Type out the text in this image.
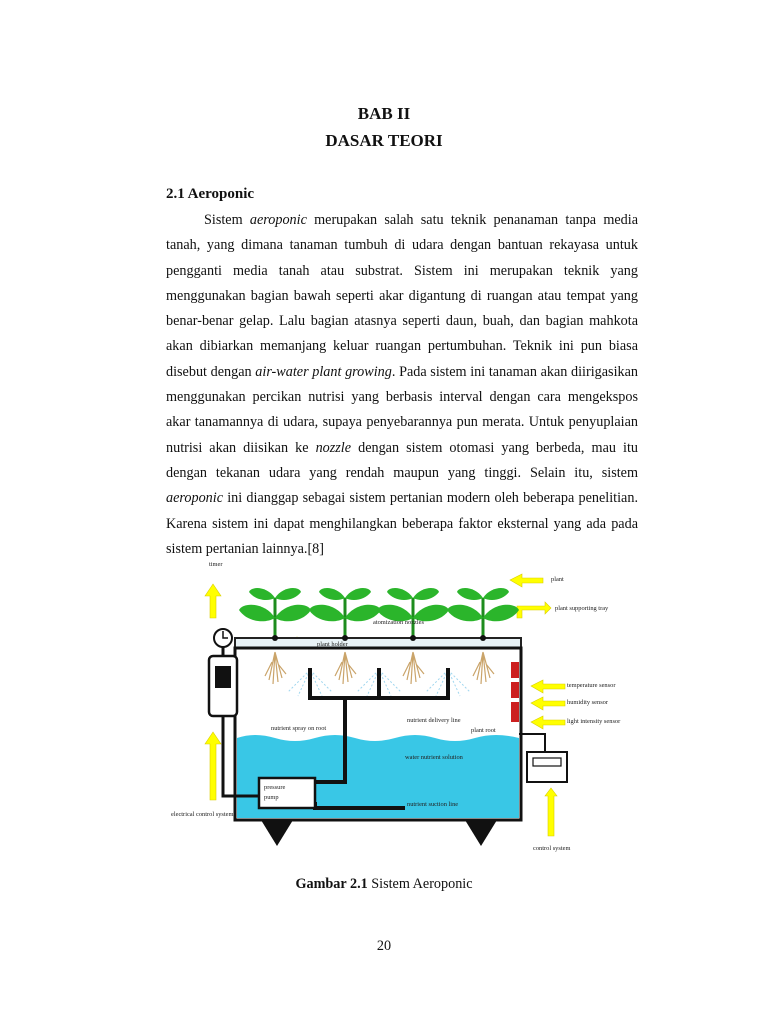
BAB II
DASAR TEORI
2.1 Aeroponic

Sistem aeroponic merupakan salah satu teknik penanaman tanpa media tanah, yang dimana tanaman tumbuh di udara dengan bantuan rekayasa untuk pengganti media tanah atau substrat. Sistem ini merupakan teknik yang menggunakan bagian bawah seperti akar digantung di ruangan atau tempat yang benar-benar gelap. Lalu bagian atasnya seperti daun, buah, dan bagian mahkota akan dibiarkan memanjang keluar ruangan pertumbuhan. Teknik ini pun biasa disebut dengan air-water plant growing. Pada sistem ini tanaman akan diirigasikan menggunakan percikan nutrisi yang berbasis interval dengan cara mengekspos akar tanamannya di udara, supaya penyebarannya pun merata. Untuk penyuplaian nutrisi akan diisikan ke nozzle dengan sistem otomasi yang berbeda, mau itu dengan tekanan udara yang rendah maupun yang tinggi. Selain itu, sistem aeroponic ini dianggap sebagai sistem pertanian modern oleh beberapa penelitian. Karena sistem ini dapat menghilangkan beberapa faktor eksternal yang ada pada sistem pertanian lainnya.[8]

timer
plant
plant supporting tray
atomization nozzles
plant holder
temperature sensor
humidity sensor
light intensity sensor
nutrient delivery line
nutrient spray on root	plant root
water nutrient solution
pressure
pump
nutrient suction line
electrical control system
control system
Gambar 2.1 Sistem Aeroponic
20
